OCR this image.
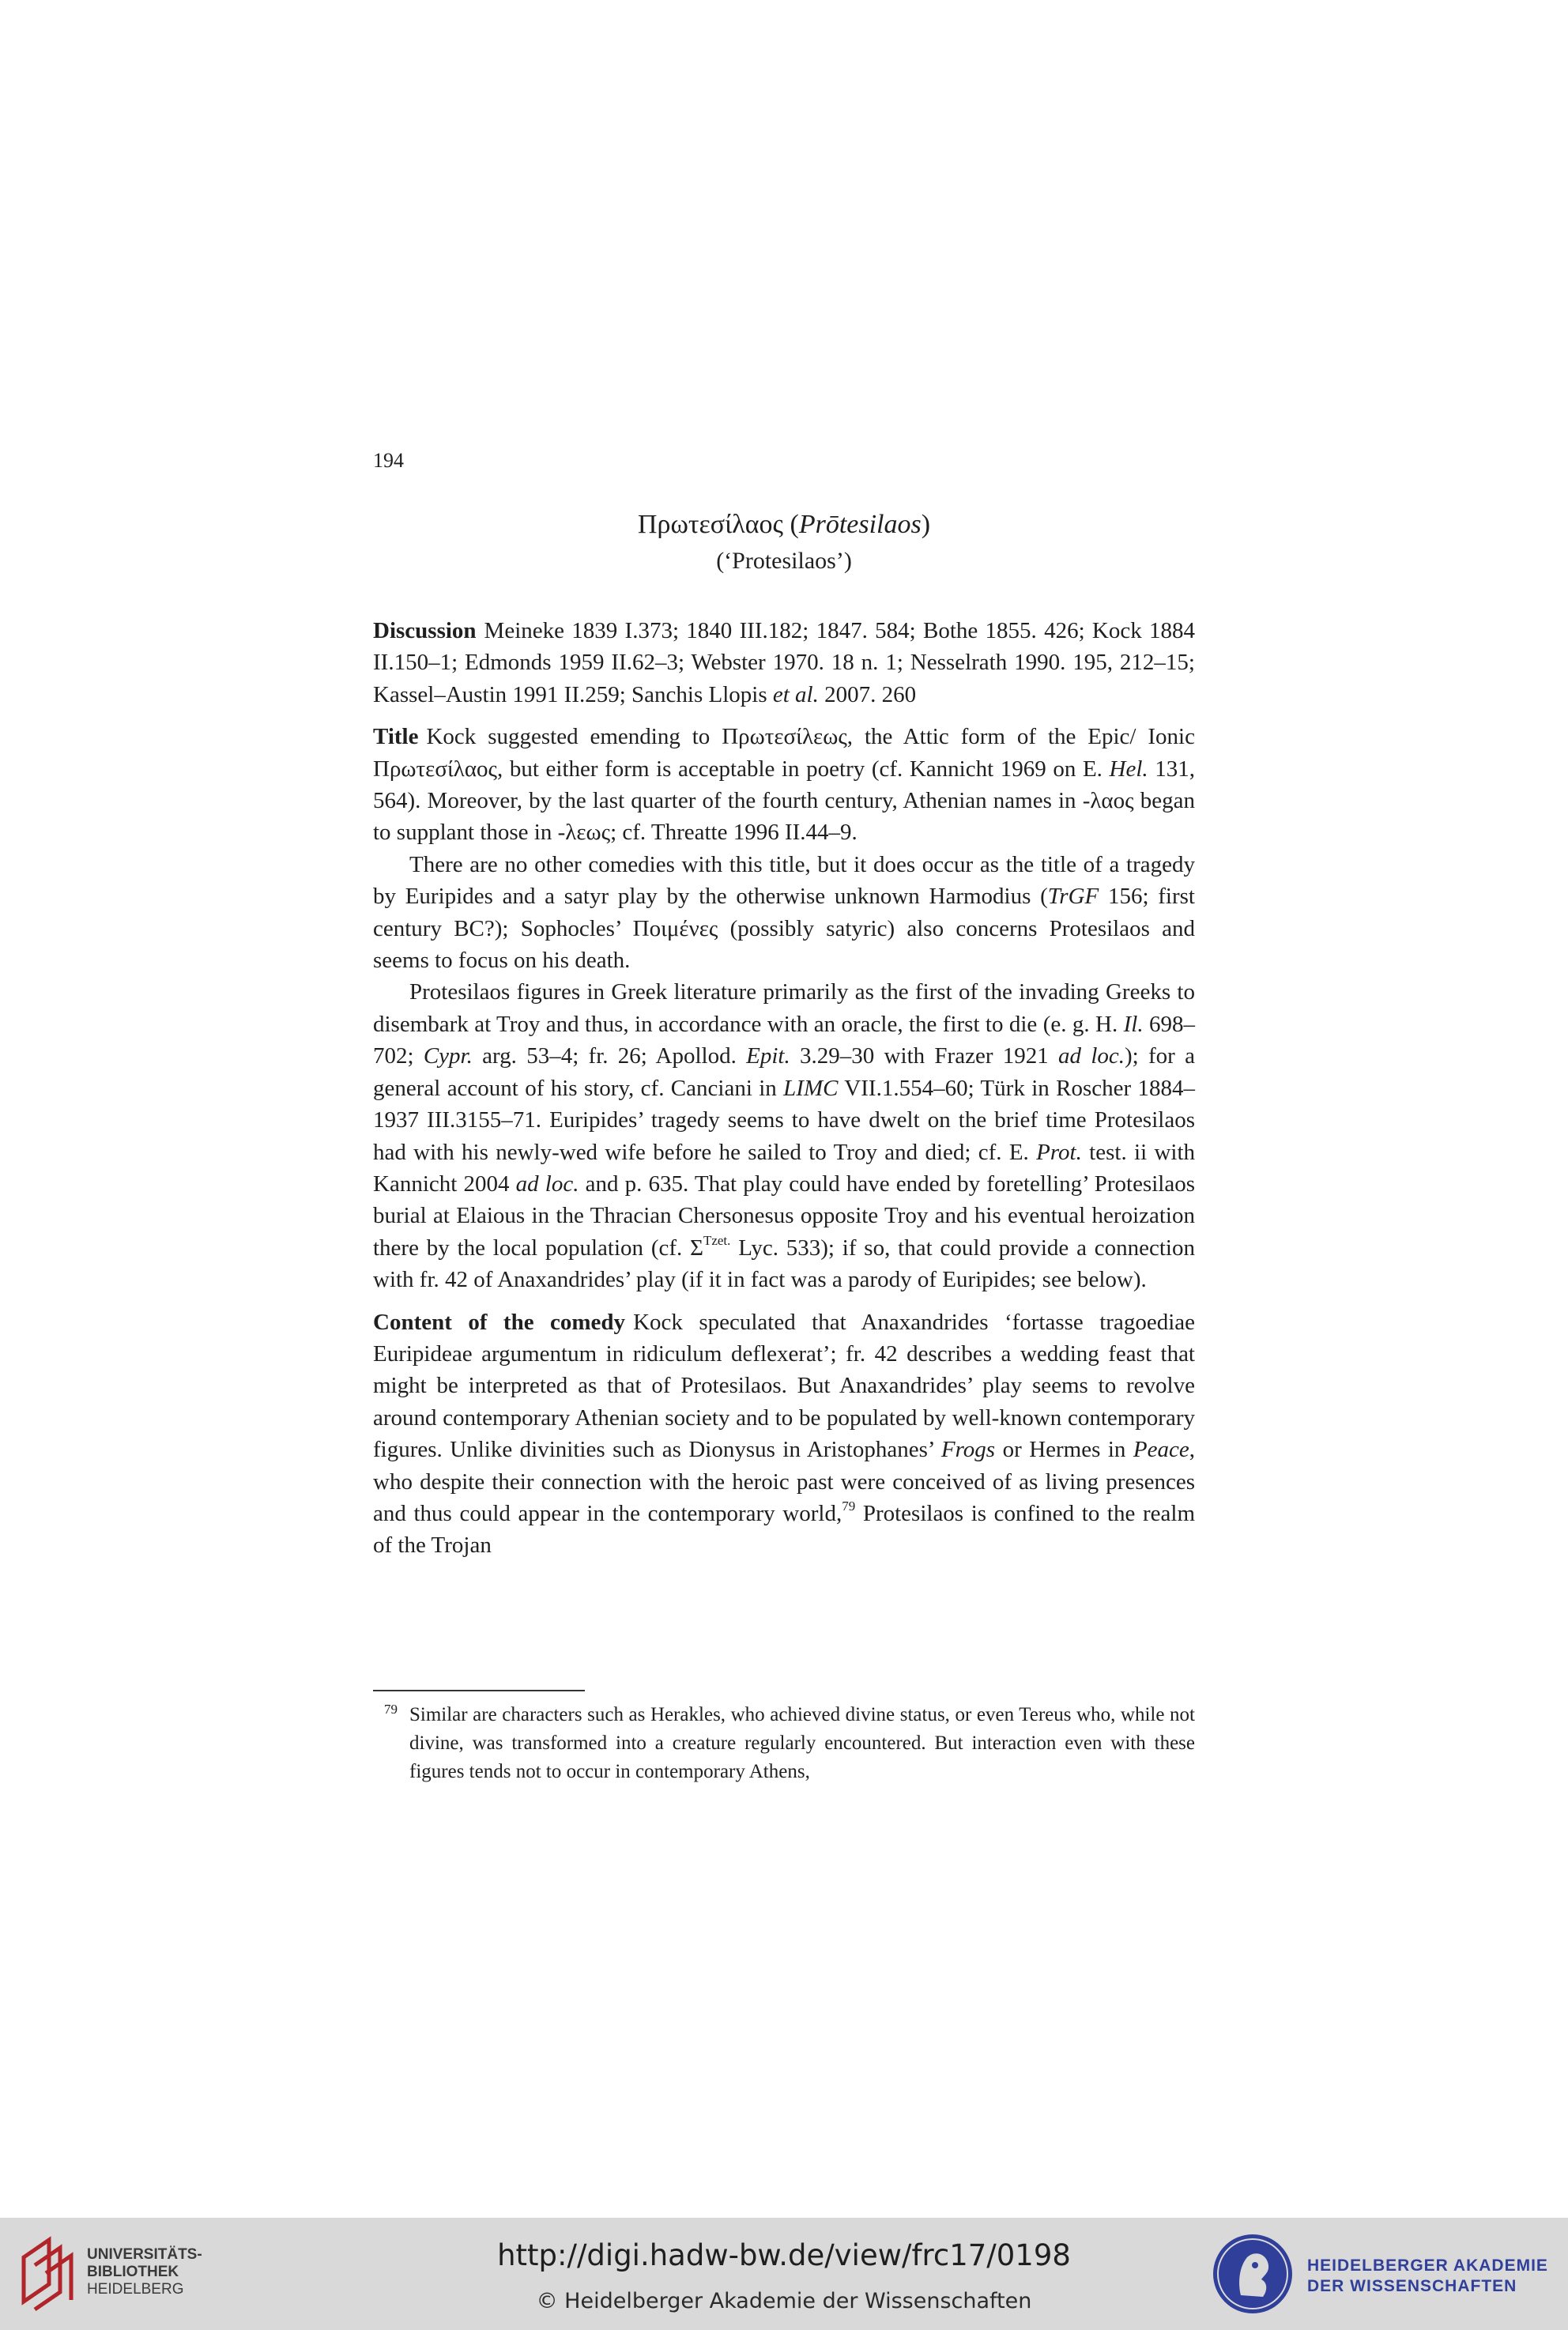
194
Πρωτεσίλαος (Prōtesilaos)
(‘Protesilaos’)

Discussion Meineke 1839 I.373; 1840 III.182; 1847. 584; Bothe 1855. 426; Kock 1884 II.150–1; Edmonds 1959 II.62–3; Webster 1970. 18 n. 1; Nesselrath 1990. 195, 212–15; Kassel–Austin 1991 II.259; Sanchis Llopis et al. 2007. 260

Title Kock suggested emending to Πρωτεσίλεως, the Attic form of the Epic/ Ionic Πρωτεσίλαος, but either form is acceptable in poetry (cf. Kannicht 1969 on E. Hel. 131, 564). Moreover, by the last quarter of the fourth century, Athenian names in -λαος began to supplant those in -λεως; cf. Threatte 1996 II.44–9.

There are no other comedies with this title, but it does occur as the title of a tragedy by Euripides and a satyr play by the otherwise unknown Harmodius (TrGF 156; first century BC?); Sophocles’ Ποιμένες (possibly satyric) also concerns Protesilaos and seems to focus on his death.

Protesilaos figures in Greek literature primarily as the first of the invading Greeks to disembark at Troy and thus, in accordance with an oracle, the first to die (e. g. H. Il. 698–702; Cypr. arg. 53–4; fr. 26; Apollod. Epit. 3.29–30 with Frazer 1921 ad loc.); for a general account of his story, cf. Canciani in LIMC VII.1.554–60; Türk in Roscher 1884–1937 III.3155–71. Euripides’ tragedy seems to have dwelt on the brief time Protesilaos had with his newly-wed wife before he sailed to Troy and died; cf. E. Prot. test. ii with Kannicht 2004 ad loc. and p. 635. That play could have ended by foretelling’ Protesilaos burial at Elaious in the Thracian Chersonesus opposite Troy and his eventual heroization there by the local population (cf. $\Sigma^{Tzet.}$ Lyc. 533); if so, that could provide a connection with fr. 42 of Anaxandrides’ play (if it in fact was a parody of Euripides; see below).

Content of the comedy Kock speculated that Anaxandrides ‘fortasse tragoediae Euripideae argumentum in ridiculum deflexerat’; fr. 42 describes a wedding feast that might be interpreted as that of Protesilaos. But Anaxandrides’ play seems to revolve around contemporary Athenian society and to be populated by well-known contemporary figures. Unlike divinities such as Dionysus in Aristophanes’ Frogs or Hermes in Peace, who despite their connection with the heroic past were conceived of as living presences and thus could appear in the contemporary world,$^{79}$ Protesilaos is confined to the realm of the Trojan

79 Similar are characters such as Herakles, who achieved divine status, or even Tereus who, while not divine, was transformed into a creature regularly encountered. But interaction even with these figures tends not to occur in contemporary Athens,
UNIVERSITÄTS-
BIBLIOTHEK
HEIDELBERG
http://digi.hadw-bw.de/view/frc17/0198
© Heidelberger Akademie der Wissenschaften
HEIDELBERGER AKADEMIE
DER WISSENSCHAFTEN
